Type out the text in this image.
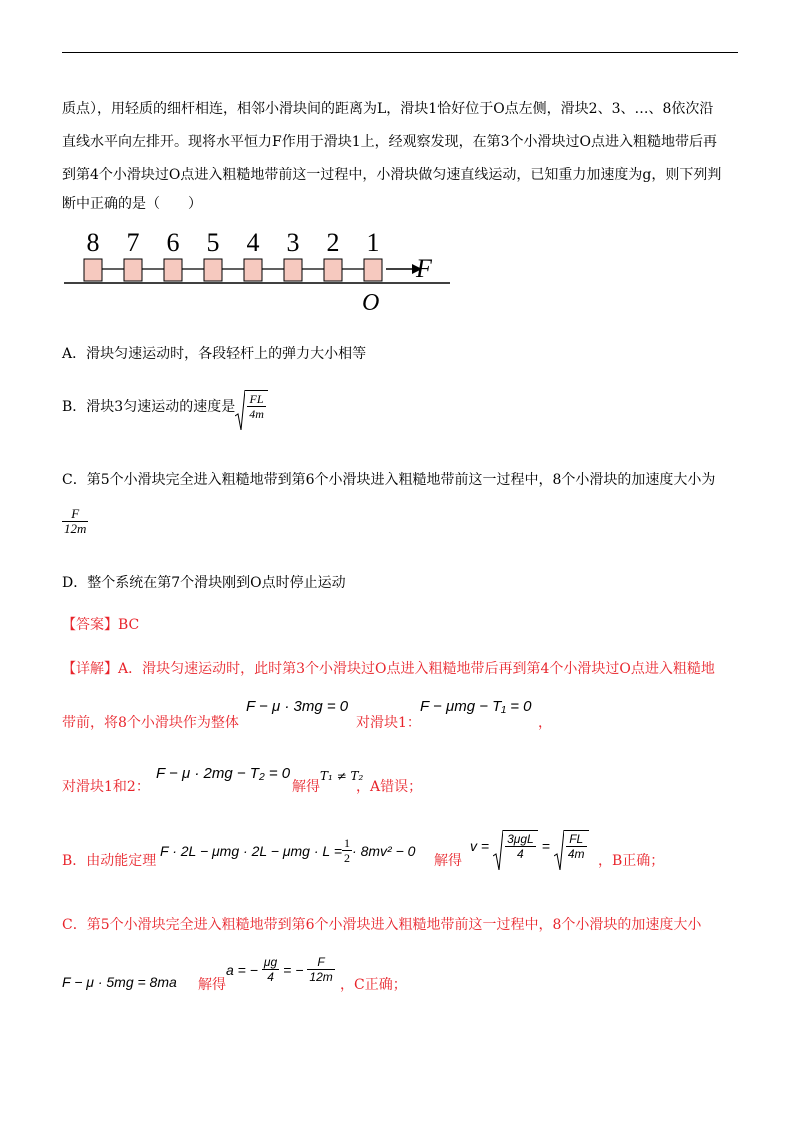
质点），用轻质的细杆相连，相邻小滑块间的距离为L，滑块1恰好位于O点左侧，滑块2、3、…、8依次沿
直线水平向左排开。现将水平恒力F作用于滑块1上，经观察发现，在第3个小滑块过O点进入粗糙地带后再
到第4个小滑块过O点进入粗糙地带前这一过程中，小滑块做匀速直线运动，已知重力加速度为g，则下列判
断中正确的是（　　）
8 7 6 5 4 3 2 1
F
O
A．滑块匀速运动时，各段轻杆上的弹力大小相等
B．滑块3匀速运动的速度是 $\frac{FL}{4m}$
C．第5个小滑块完全进入粗糙地带到第6个小滑块进入粗糙地带前这一过程中，8个小滑块的加速度大小为
$\frac{F}{12m}$
D．整个系统在第7个滑块刚到O点时停止运动
【答案】BC
【详解】A．滑块匀速运动时，此时第3个小滑块过O点进入粗糙地带后再到第4个小滑块过O点进入粗糙地
带前，将8个小滑块作为整体
F − μ · 3mg = 0
对滑块1：
F − μmg − T₁ = 0
，
对滑块1和2：
F − μ · 2mg − T₂ = 0
解得
T₁ ≠ T₂
，A错误；
B．由动能定理
$F \cdot 2L - \mu mg \cdot 2L - \mu mg \cdot L = \frac{1}{2} \cdot 8mv^2 - 0$
解得
$v = \frac{\text{3μgL}}{4} = \frac{FL}{4m}$ ，B正确；
C．第5个小滑块完全进入粗糙地带到第6个小滑块进入粗糙地带前这一过程中，8个小滑块的加速度大小
F − μ · 5mg = 8ma 解得
a = − $\frac{\mu g}{4}$ = − $\frac{F}{12m}$
，C正确；
